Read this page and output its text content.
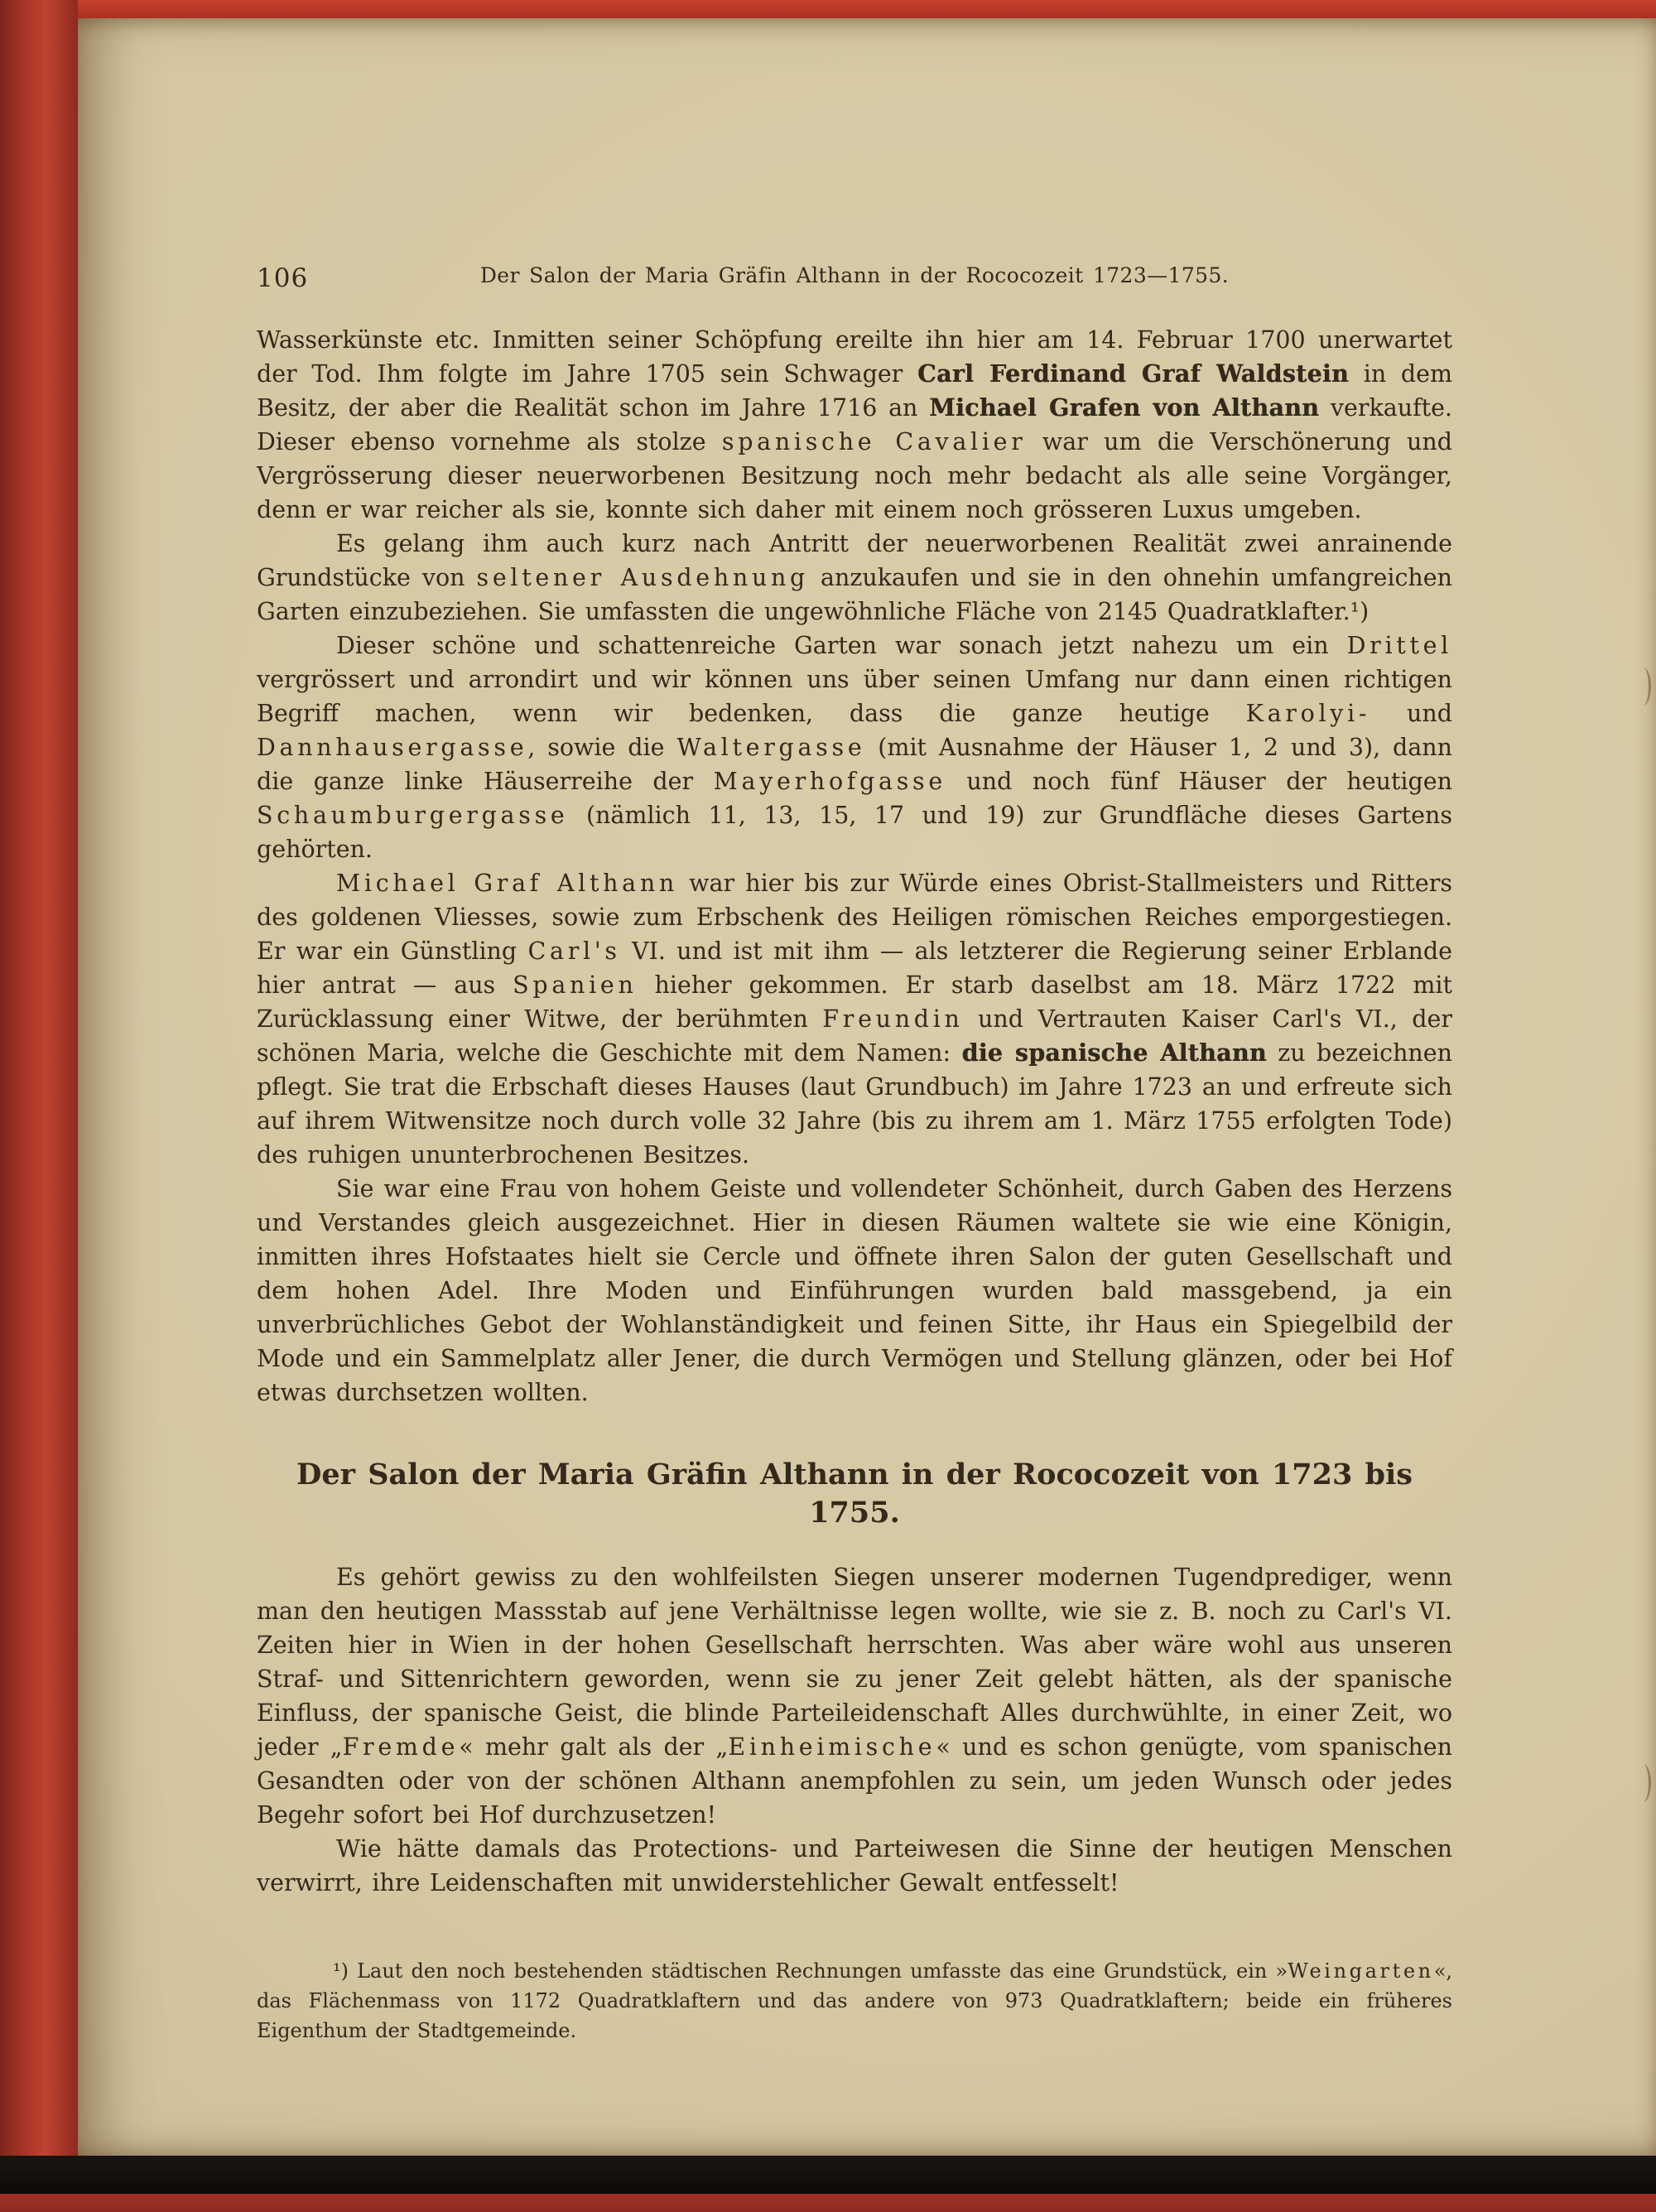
106	Der Salon der Maria Gräfin Althann in der Rococozeit 1723—1755.

Wasserkünste etc. Inmitten seiner Schöpfung ereilte ihn hier am 14. Februar 1700 unerwartet der Tod. Ihm folgte im Jahre 1705 sein Schwager Carl Ferdinand Graf Waldstein in dem Besitz, der aber die Realität schon im Jahre 1716 an Michael Grafen von Althann verkaufte. Dieser ebenso vornehme als stolze spanische Cavalier war um die Verschönerung und Vergrösserung dieser neuerworbenen Besitzung noch mehr bedacht als alle seine Vorgänger, denn er war reicher als sie, konnte sich daher mit einem noch grösseren Luxus umgeben.

Es gelang ihm auch kurz nach Antritt der neuerworbenen Realität zwei anrainende Grundstücke von seltener Ausdehnung anzukaufen und sie in den ohnehin umfangreichen Garten einzubeziehen. Sie umfassten die ungewöhnliche Fläche von 2145 Quadratklafter.¹)

Dieser schöne und schattenreiche Garten war sonach jetzt nahezu um ein Drittel vergrössert und arrondirt und wir können uns über seinen Umfang nur dann einen richtigen Begriff machen, wenn wir bedenken, dass die ganze heutige Karolyi- und Dannhausergasse, sowie die Waltergasse (mit Ausnahme der Häuser 1, 2 und 3), dann die ganze linke Häuserreihe der Mayerhofgasse und noch fünf Häuser der heutigen Schaumburgergasse (nämlich 11, 13, 15, 17 und 19) zur Grundfläche dieses Gartens gehörten.

Michael Graf Althann war hier bis zur Würde eines Obrist-Stallmeisters und Ritters des goldenen Vliesses, sowie zum Erbschenk des Heiligen römischen Reiches emporgestiegen. Er war ein Günstling Carl's VI. und ist mit ihm — als letzterer die Regierung seiner Erblande hier antrat — aus Spanien hieher gekommen. Er starb daselbst am 18. März 1722 mit Zurücklassung einer Witwe, der berühmten Freundin und Vertrauten Kaiser Carl's VI., der schönen Maria, welche die Geschichte mit dem Namen: die spanische Althann zu bezeichnen pflegt. Sie trat die Erbschaft dieses Hauses (laut Grundbuch) im Jahre 1723 an und erfreute sich auf ihrem Witwensitze noch durch volle 32 Jahre (bis zu ihrem am 1. März 1755 erfolgten Tode) des ruhigen ununterbrochenen Besitzes.

Sie war eine Frau von hohem Geiste und vollendeter Schönheit, durch Gaben des Herzens und Verstandes gleich ausgezeichnet. Hier in diesen Räumen waltete sie wie eine Königin, inmitten ihres Hofstaates hielt sie Cercle und öffnete ihren Salon der guten Gesellschaft und dem hohen Adel. Ihre Moden und Einführungen wurden bald massgebend, ja ein unverbrüchliches Gebot der Wohlanständigkeit und feinen Sitte, ihr Haus ein Spiegelbild der Mode und ein Sammelplatz aller Jener, die durch Vermögen und Stellung glänzen, oder bei Hof etwas durchsetzen wollten.

Der Salon der Maria Gräfin Althann in der Rococozeit von 1723 bis 1755.

Es gehört gewiss zu den wohlfeilsten Siegen unserer modernen Tugendprediger, wenn man den heutigen Massstab auf jene Verhältnisse legen wollte, wie sie z. B. noch zu Carl's VI. Zeiten hier in Wien in der hohen Gesellschaft herrschten. Was aber wäre wohl aus unseren Straf- und Sittenrichtern geworden, wenn sie zu jener Zeit gelebt hätten, als der spanische Einfluss, der spanische Geist, die blinde Parteileidenschaft Alles durchwühlte, in einer Zeit, wo jeder „Fremde« mehr galt als der „Einheimische« und es schon genügte, vom spanischen Gesandten oder von der schönen Althann anempfohlen zu sein, um jeden Wunsch oder jedes Begehr sofort bei Hof durchzusetzen!

Wie hätte damals das Protections- und Parteiwesen die Sinne der heutigen Menschen verwirrt, ihre Leidenschaften mit unwiderstehlicher Gewalt entfesselt!

¹) Laut den noch bestehenden städtischen Rechnungen umfasste das eine Grundstück, ein »Weingarten«, das Flächenmass von 1172 Quadratklaftern und das andere von 973 Quadratklaftern; beide ein früheres Eigenthum der Stadtgemeinde.
